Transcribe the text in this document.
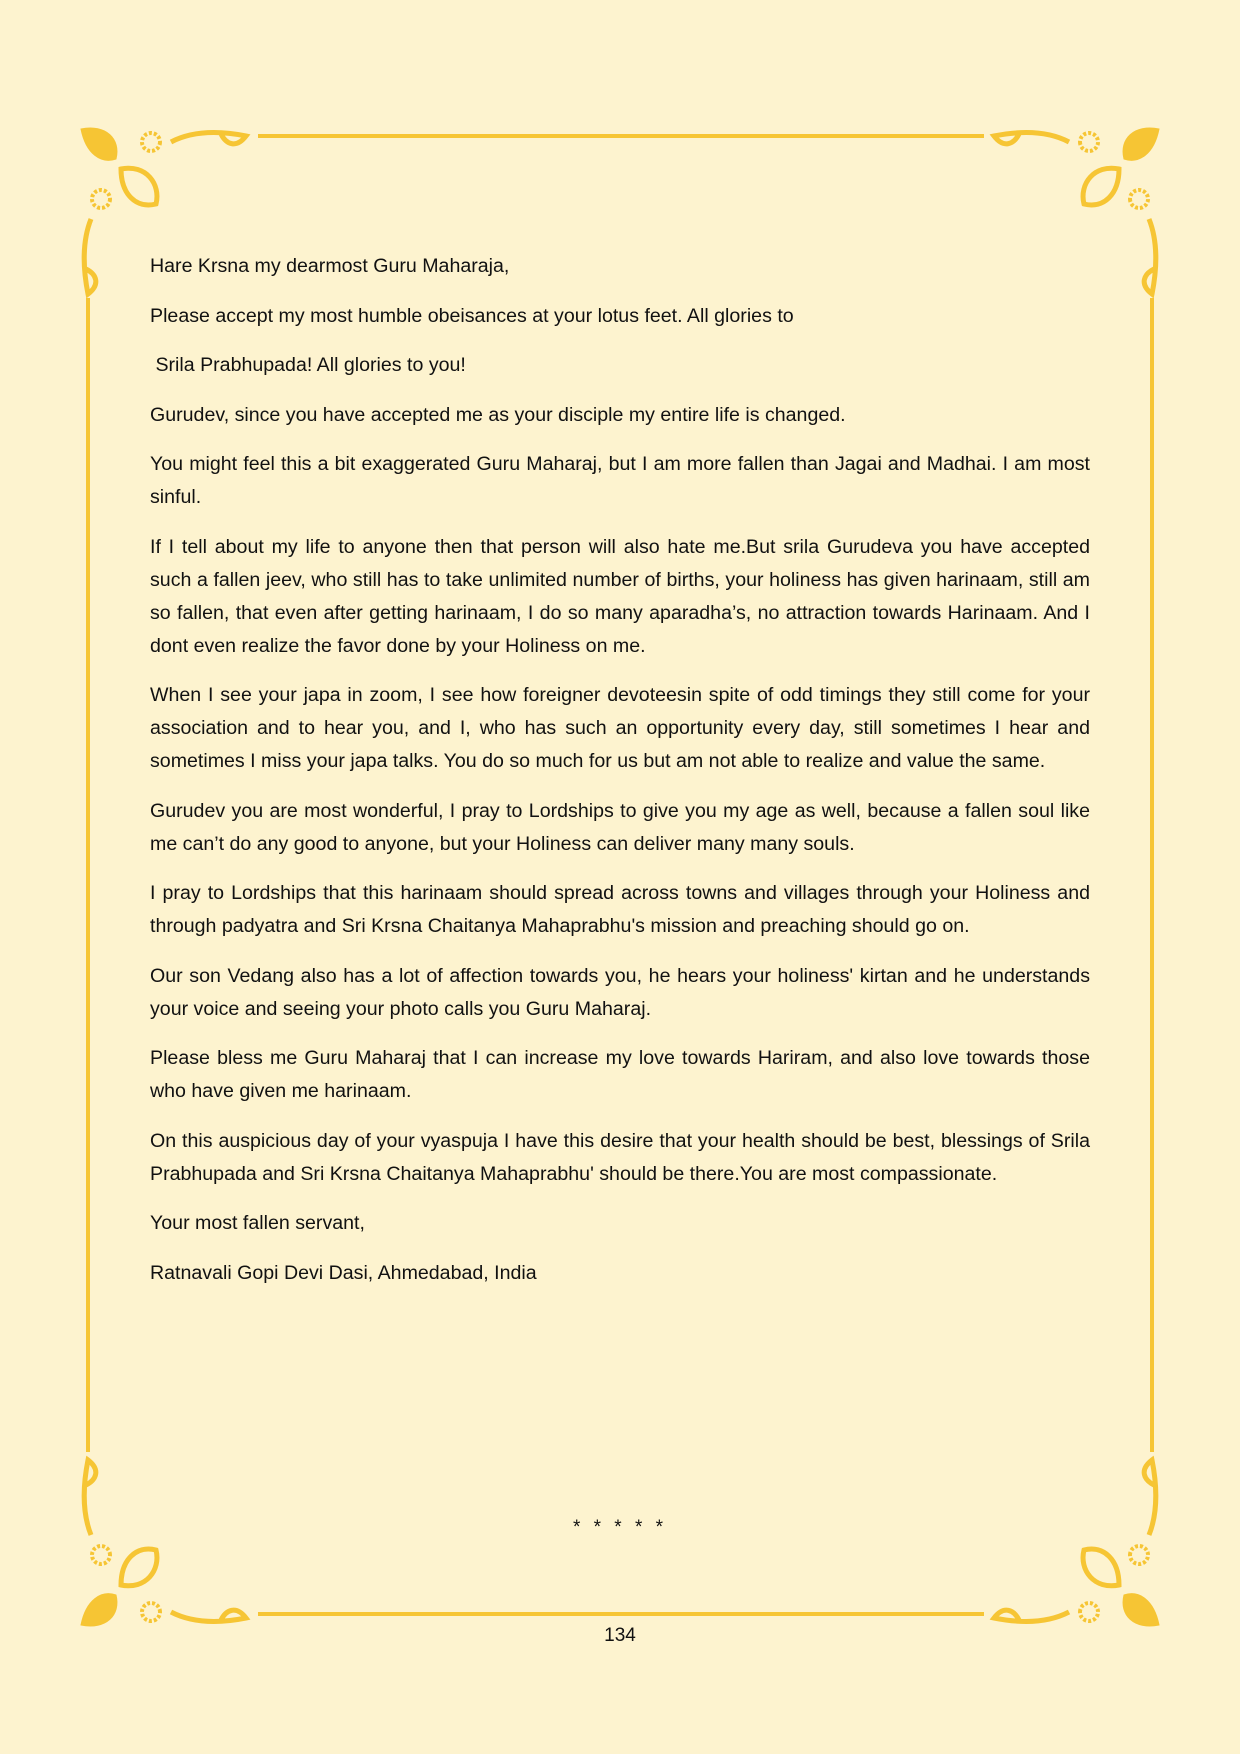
Hare Krsna my dearmost Guru Maharaja,

Please accept my most humble obeisances at your lotus feet. All glories to

Srila Prabhupada! All glories to you!

Gurudev, since you have accepted me as your disciple my entire life is changed.

You might feel this a bit exaggerated Guru Maharaj, but I am more fallen than Jagai and Madhai. I am most sinful.

If I tell about my life to anyone then that person will also hate me.But srila Gurudeva you have accepted such a fallen jeev, who still has to take unlimited number of births, your holiness has given harinaam, still am so fallen, that even after getting harinaam, I do so many aparadha’s, no attraction towards Harinaam. And I dont even realize the favor done by your Holiness on me.

When I see your japa in zoom, I see how foreigner devoteesin spite of odd timings they still come for your association and to hear you, and I, who has such an opportunity every day, still sometimes I hear and sometimes I miss your japa talks. You do so much for us but am not able to realize and value the same.

Gurudev you are most wonderful, I pray to Lordships to give you my age as well, because a fallen soul like me can’t do any good to anyone, but your Holiness can deliver many many souls.

I pray to Lordships that this harinaam should spread across towns and villages through your Holiness and through padyatra and Sri Krsna Chaitanya Mahaprabhu's mission and preaching should go on.

Our son Vedang also has a lot of affection towards you, he hears your holiness' kirtan and he understands your voice and seeing your photo calls you Guru Maharaj.

Please bless me Guru Maharaj that I can increase my love towards Hariram, and also love towards those who have given me harinaam.

On this auspicious day of your vyaspuja I have this desire that your health should be best, blessings of Srila Prabhupada and Sri Krsna Chaitanya Mahaprabhu' should be there.You are most compassionate.

Your most fallen servant,

Ratnavali Gopi Devi Dasi, Ahmedabad, India

* * * * *
134
